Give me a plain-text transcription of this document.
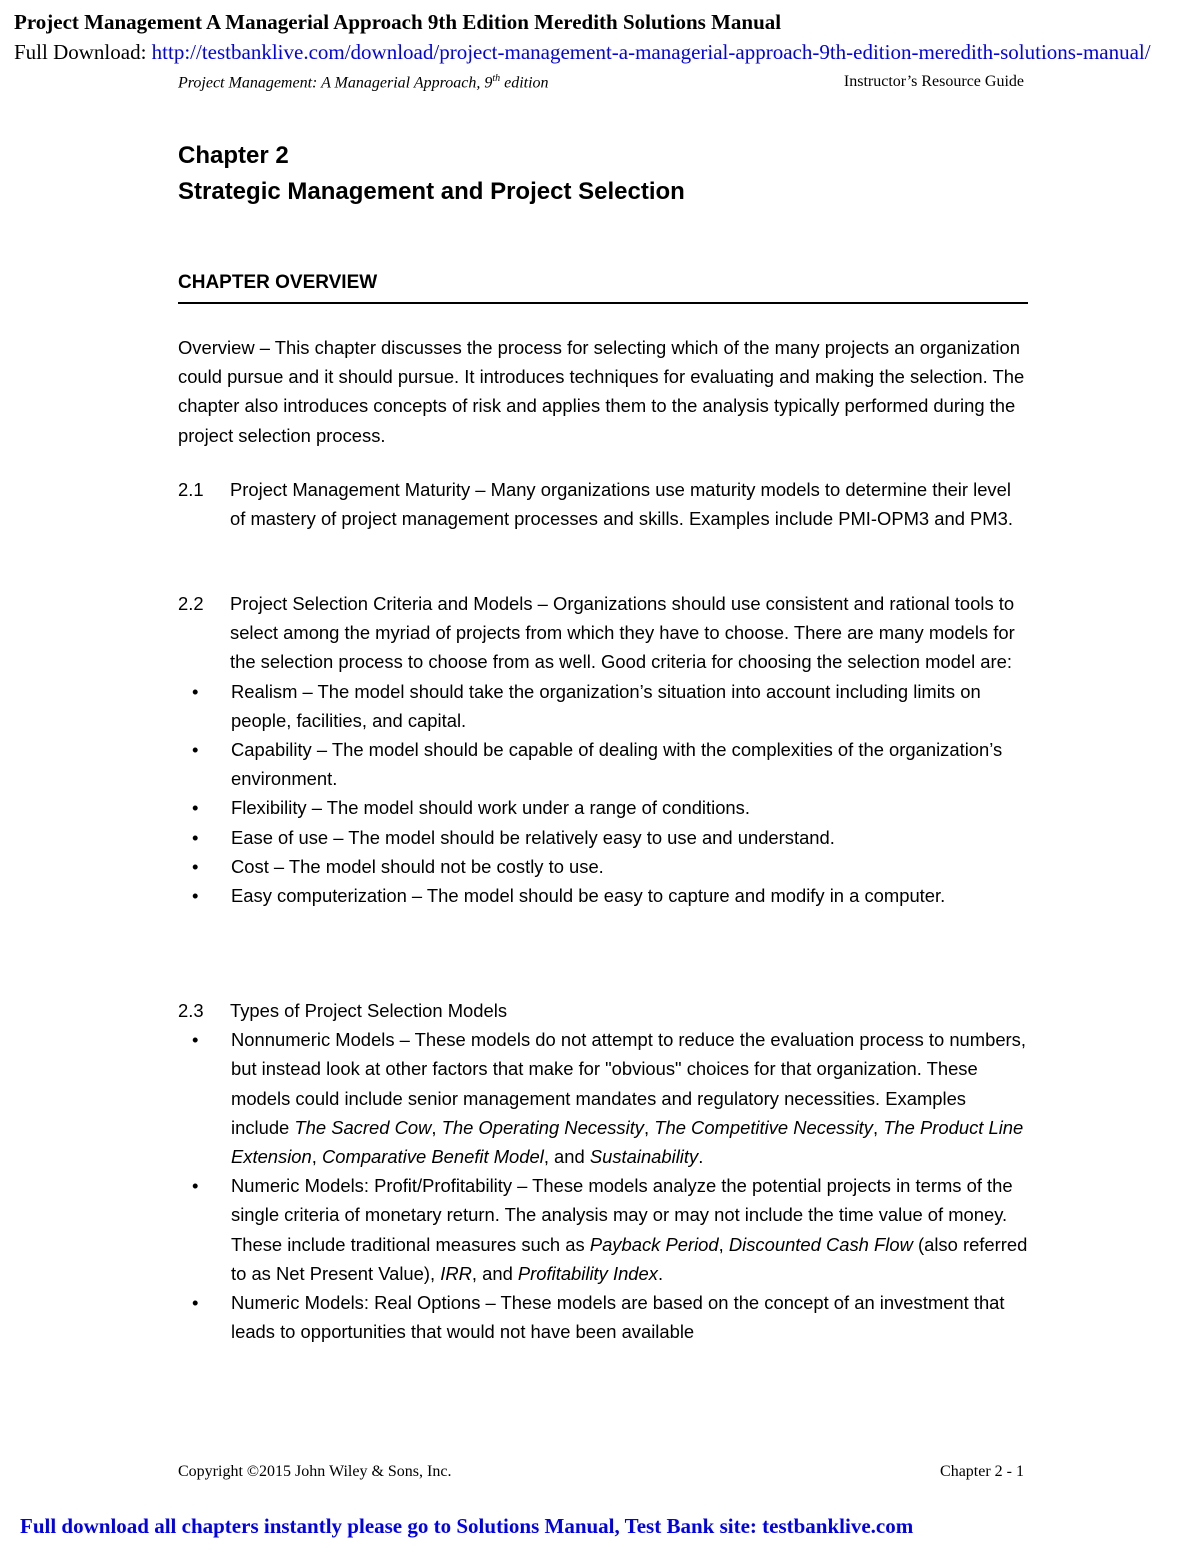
Project Management A Managerial Approach 9th Edition Meredith Solutions Manual
Full Download: http://testbanklive.com/download/project-management-a-managerial-approach-9th-edition-meredith-solutions-manual/
Project Management: A Managerial Approach, 9th edition	Instructor’s Resource Guide
Chapter 2
Strategic Management and Project Selection
CHAPTER OVERVIEW
Overview – This chapter discusses the process for selecting which of the many projects an organization could pursue and it should pursue. It introduces techniques for evaluating and making the selection. The chapter also introduces concepts of risk and applies them to the analysis typically performed during the project selection process.
2.1 Project Management Maturity – Many organizations use maturity models to determine their level of mastery of project management processes and skills. Examples include PMI-OPM3 and PM3.
2.2 Project Selection Criteria and Models – Organizations should use consistent and rational tools to select among the myriad of projects from which they have to choose. There are many models for the selection process to choose from as well. Good criteria for choosing the selection model are:
• Realism – The model should take the organization’s situation into account including limits on people, facilities, and capital.
• Capability – The model should be capable of dealing with the complexities of the organization’s environment.
• Flexibility – The model should work under a range of conditions.
• Ease of use – The model should be relatively easy to use and understand.
• Cost – The model should not be costly to use.
• Easy computerization – The model should be easy to capture and modify in a computer.
2.3 Types of Project Selection Models
• Nonnumeric Models – These models do not attempt to reduce the evaluation process to numbers, but instead look at other factors that make for "obvious" choices for that organization. These models could include senior management mandates and regulatory necessities. Examples include The Sacred Cow, The Operating Necessity, The Competitive Necessity, The Product Line Extension, Comparative Benefit Model, and Sustainability.
• Numeric Models: Profit/Profitability – These models analyze the potential projects in terms of the single criteria of monetary return. The analysis may or may not include the time value of money. These include traditional measures such as Payback Period, Discounted Cash Flow (also referred to as Net Present Value), IRR, and Profitability Index.
• Numeric Models: Real Options – These models are based on the concept of an investment that leads to opportunities that would not have been available
Copyright ©2015 John Wiley & Sons, Inc.	Chapter 2 - 1
Full download all chapters instantly please go to Solutions Manual, Test Bank site: testbanklive.com
